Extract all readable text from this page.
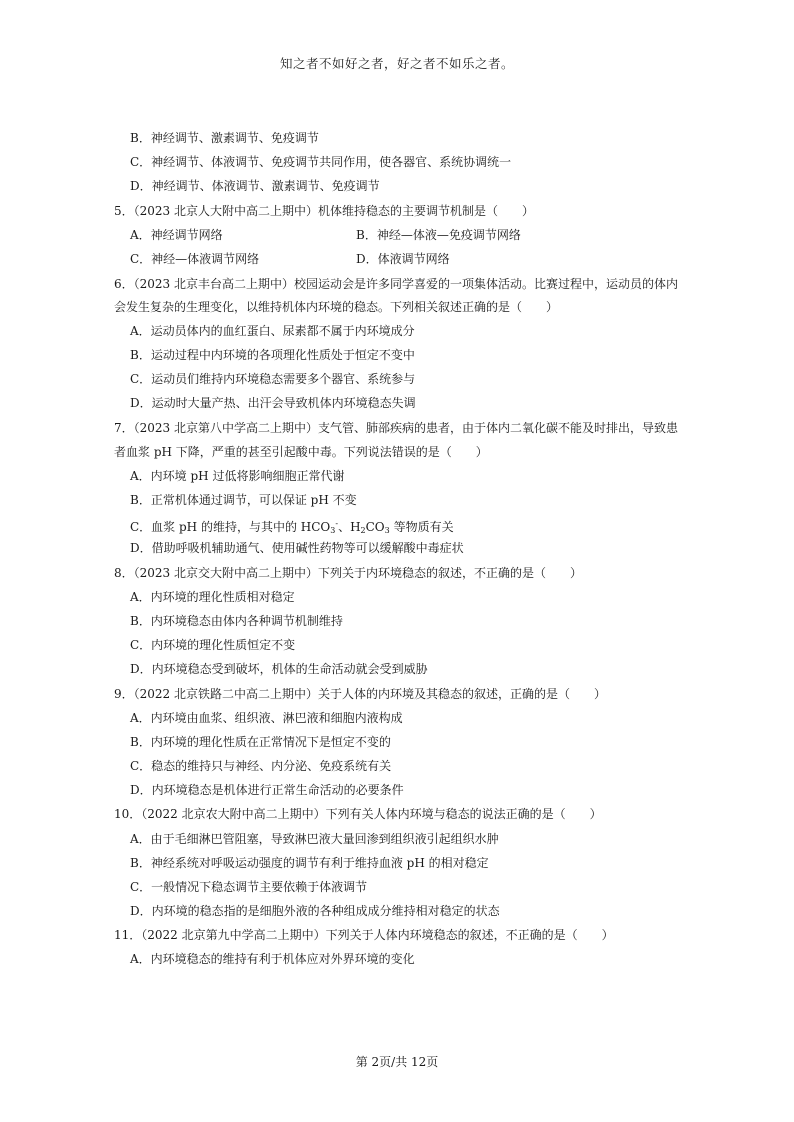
知之者不如好之者，好之者不如乐之者。
B．神经调节、激素调节、免疫调节
C．神经调节、体液调节、免疫调节共同作用，使各器官、系统协调统一
D．神经调节、体液调节、激素调节、免疫调节
5．（2023 北京人大附中高二上期中）机体维持稳态的主要调节机制是（　　）
A．神经调节网络	B．神经—体液—免疫调节网络
C．神经—体液调节网络	D．体液调节网络
6．（2023 北京丰台高二上期中）校园运动会是许多同学喜爱的一项集体活动。比赛过程中，运动员的体内
会发生复杂的生理变化，以维持机体内环境的稳态。下列相关叙述正确的是（　　）
A．运动员体内的血红蛋白、尿素都不属于内环境成分
B．运动过程中内环境的各项理化性质处于恒定不变中
C．运动员们维持内环境稳态需要多个器官、系统参与
D．运动时大量产热、出汗会导致机体内环境稳态失调
7．（2023 北京第八中学高二上期中）支气管、肺部疾病的患者，由于体内二氧化碳不能及时排出，导致患
者血浆 pH 下降，严重的甚至引起酸中毒。下列说法错误的是（　　）
A．内环境 pH 过低将影响细胞正常代谢
B．正常机体通过调节，可以保证 pH 不变
C．血浆 pH 的维持，与其中的 $HCO_3^-$、$H_2CO_3$ 等物质有关
D．借助呼吸机辅助通气、使用碱性药物等可以缓解酸中毒症状
8．（2023 北京交大附中高二上期中）下列关于内环境稳态的叙述，不正确的是（　　）
A．内环境的理化性质相对稳定
B．内环境稳态由体内各种调节机制维持
C．内环境的理化性质恒定不变
D．内环境稳态受到破坏，机体的生命活动就会受到威胁
9．（2022 北京铁路二中高二上期中）关于人体的内环境及其稳态的叙述，正确的是（　　）
A．内环境由血浆、组织液、淋巴液和细胞内液构成
B．内环境的理化性质在正常情况下是恒定不变的
C．稳态的维持只与神经、内分泌、免疫系统有关
D．内环境稳态是机体进行正常生命活动的必要条件
10．（2022 北京农大附中高二上期中）下列有关人体内环境与稳态的说法正确的是（　　）
A．由于毛细淋巴管阻塞，导致淋巴液大量回渗到组织液引起组织水肿
B．神经系统对呼吸运动强度的调节有利于维持血液 pH 的相对稳定
C．一般情况下稳态调节主要依赖于体液调节
D．内环境的稳态指的是细胞外液的各种组成成分维持相对稳定的状态
11．（2022 北京第九中学高二上期中）下列关于人体内环境稳态的叙述，不正确的是（　　）
A．内环境稳态的维持有利于机体应对外界环境的变化
第 2页/共 12页
